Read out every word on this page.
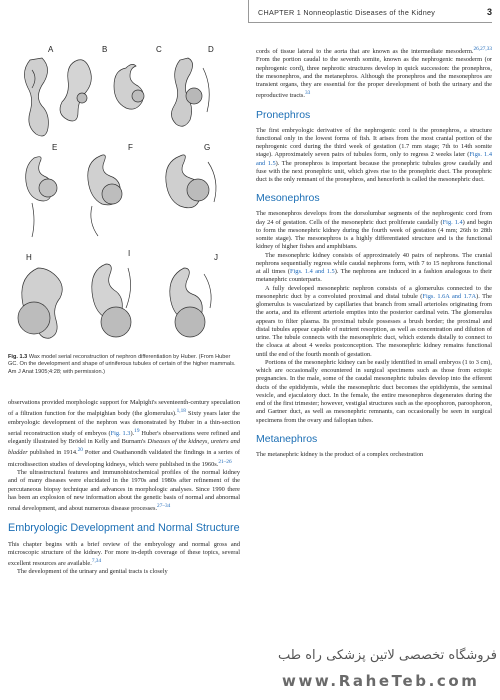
CHAPTER 1 Nonneoplastic Diseases of the Kidney	3
A	B	C	D
E	F	G
H	I	J
Fig. 1.3 Wax model serial reconstruction of nephron differentiation by Huber. (From Huber GC. On the development and shape of uriniferous tubules of certain of the higher mammals. Am J Anat 1905;4:28; with permission.)

observations provided morphologic support for Malpighi's seventeenth-century speculation of a filtration function for the malpighian body (the glomerulus).$^{1,18}$ Sixty years later the embryologic development of the nephron was demonstrated by Huber in a thin-section serial reconstruction study of embryos (Fig. 1.3).$^{19}$ Huber's observations were refined and elegantly illustrated by Brödel in Kelly and Burnam's Diseases of the kidneys, ureters and bladder published in 1914.20 Potter and Osathanondh validated the findings in a series of microdissection studies of developing kidneys, which were published in the 1960s.$^{21-26}$

The ultrastructural features and immunohistochemical profiles of the normal kidney and of many diseases were elucidated in the 1970s and 1980s after refinement of the percutaneous biopsy technique and advances in morphologic analyses. Since 1990 there has been an explosion of new information about the genetic basis of normal and abnormal renal development, and about numerous disease processes.$^{27-34}$

Embryologic Development and Normal Structure

This chapter begins with a brief review of the embryology and normal gross and microscopic structure of the kidney. For more in-depth coverage of these topics, several excellent resources are available.$^{7,34}$

The development of the urinary and genital tracts is closely

cords of tissue lateral to the aorta that are known as the intermediate mesoderm.$^{26,27,33}$ From the portion caudal to the seventh somite, known as the nephrogenic mesoderm (or nephrogenic cord), three nephrotic structures develop in quick succession: the pronephros, the mesonephros, and the metanephros. Although the pronephros and the mesonephros are transient organs, they are essential for the proper development of both the urinary and the reproductive tracts.$^{33}$

Pronephros

The first embryologic derivative of the nephrogenic cord is the pronephros, a structure functional only in the lowest forms of fish. It arises from the most cranial portion of the nephrogenic cord during the third week of gestation (1.7 mm stage; 7th to 14th somite stage). Approximately seven pairs of tubules form, only to regress 2 weeks later (Figs. 1.4 and 1.5). The pronephros is important because the pronephric tubules grow caudally and fuse with the next pronephric unit, which gives rise to the pronephric duct. The pronephric duct is the only remnant of the pronephros, and henceforth is called the mesonephric duct.

Mesonephros

The mesonephros develops from the dorsolumbar segments of the nephrogenic cord from day 24 of gestation. Cells of the mesonephric duct proliferate caudally (Fig. 1.4) and begin to form the mesonephric kidney during the fourth week of gestation (4 mm; 26th to 28th somite stage). The mesonephros is a highly differentiated structure and is the functional kidney of higher fishes and amphibians.

The mesonephric kidney consists of approximately 40 pairs of nephrons. The cranial nephrons sequentially regress while caudal nephrons form, with 7 to 15 nephrons functional at all times (Figs. 1.4 and 1.5). The nephrons are induced in a fashion analogous to their metanephric counterparts.

A fully developed mesonephric nephron consists of a glomerulus connected to the mesonephric duct by a convoluted proximal and distal tubule (Figs. 1.6A and 1.7A). The glomerulus is vascularized by capillaries that branch from small arterioles originating from the aorta, and its efferent arteriole empties into the posterior cardinal vein. The glomerulus appears to filter plasma. Its proximal tubule possesses a brush border; the proximal and distal tubules appear capable of nutrient resorption, as well as concentration and dilution of urine. The tubule connects with the mesonephric duct, which extends distally to connect to the cloaca at about 4 weeks postconception. The mesonephric kidney remains functional until the end of the fourth month of gestation.

Portions of the mesonephric kidney can be easily identified in small embryos (1 to 3 cm), which are occasionally encountered in surgical specimens such as those from ectopic pregnancies. In the male, some of the caudal mesonephric tubules develop into the efferent ducts of the epididymis, while the mesonephric duct becomes the epididymis, the seminal vesicle, and ejaculatory duct. In the female, the entire mesonephros degenerates during the end of the first trimester; however, vestigial structures such as the epoophoron, paroophoron, and Gartner duct, as well as mesonephric remnants, can occasionally be seen in surgical specimens from the ovary and fallopian tubes.

Metanephros

The metanephric kidney is the product of a complex orchestration

فروشگاه تخصصی لاتین پزشکی راه طب
www.RaheTeb.com
